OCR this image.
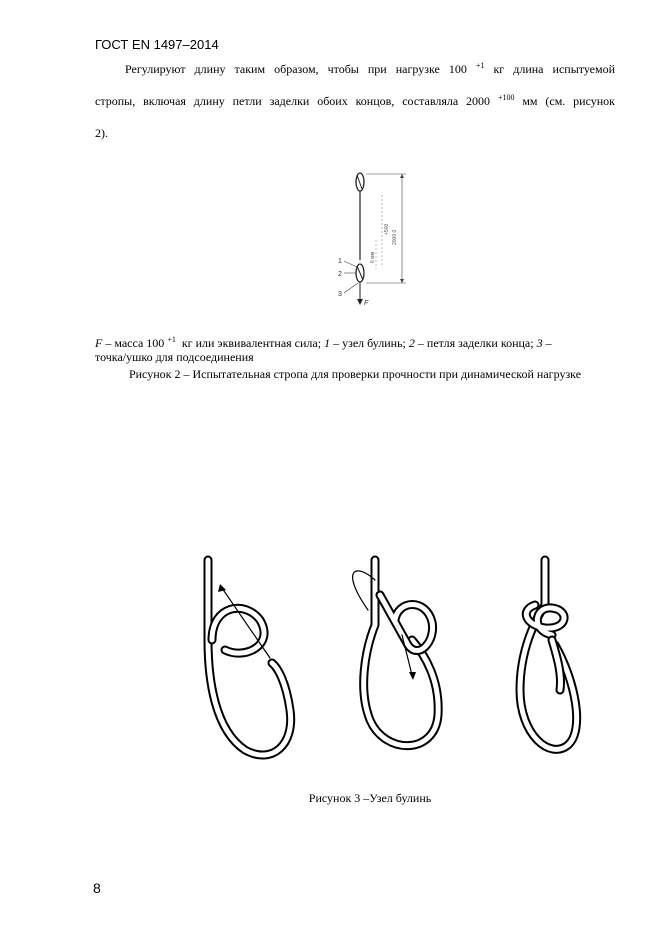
ГОСТ EN 1497–2014
Регулируют длину таким образом, чтобы при нагрузке 100 $^{+1}$ кг длина испытуемой
стропы, включая длину петли заделки обоих концов, составляла 2000 $^{+100}$ мм (см. рисунок
2).
1
2
3
F
+500
2000 0
6 мм
F – масса 100 $^{+1}$ кг или эквивалентная сила; 1 – узел булинь; 2 – петля заделки конца; 3 –
точка/ушко для подсоединения
Рисунок 2 – Испытательная стропа для проверки прочности при динамической нагрузке
Рисунок 3 –Узел булинь
8
